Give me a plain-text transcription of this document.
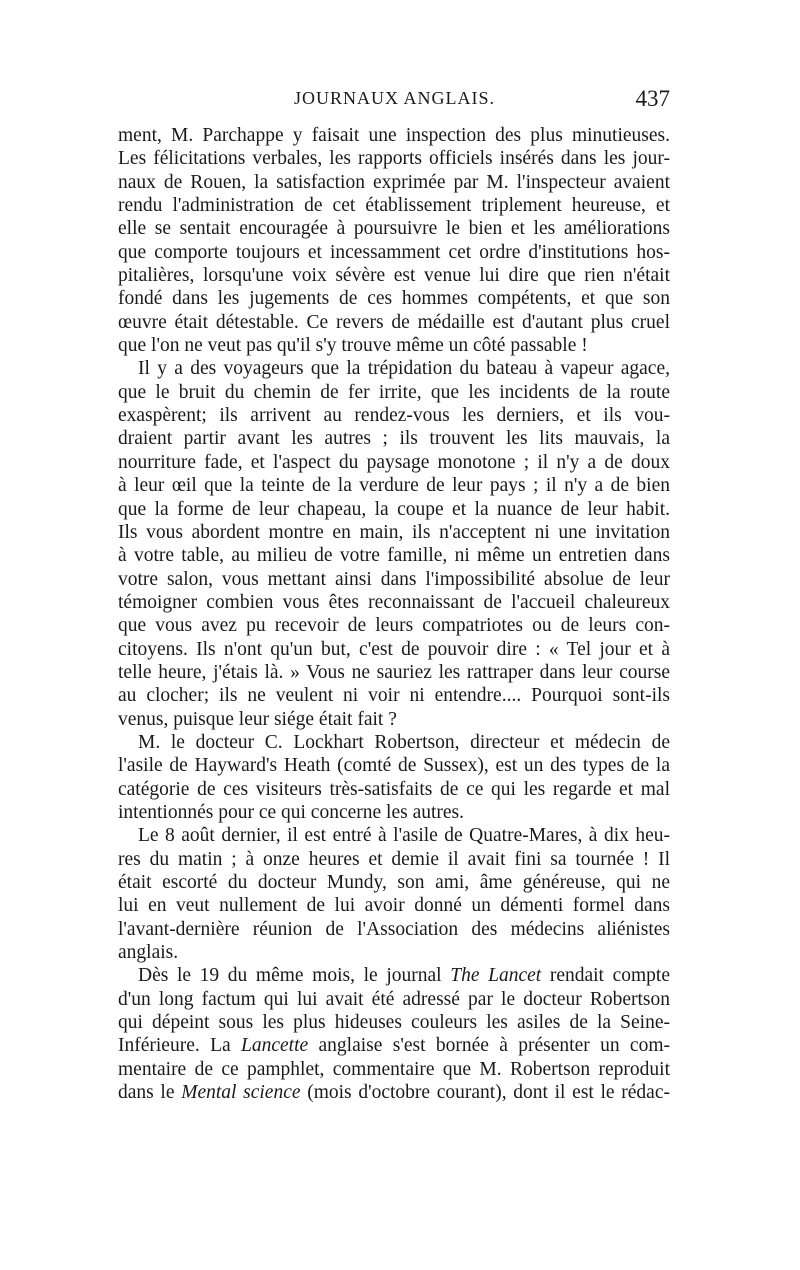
JOURNAUX ANGLAIS.	437
ment, M. Parchappe y faisait une inspection des plus minutieuses.
Les félicitations verbales, les rapports officiels insérés dans les jour-
naux de Rouen, la satisfaction exprimée par M. l'inspecteur avaient
rendu l'administration de cet établissement triplement heureuse, et
elle se sentait encouragée à poursuivre le bien et les améliorations
que comporte toujours et incessamment cet ordre d'institutions hos-
pitalières, lorsqu'une voix sévère est venue lui dire que rien n'était
fondé dans les jugements de ces hommes compétents, et que son
œuvre était détestable. Ce revers de médaille est d'autant plus cruel
que l'on ne veut pas qu'il s'y trouve même un côté passable !
Il y a des voyageurs que la trépidation du bateau à vapeur agace,
que le bruit du chemin de fer irrite, que les incidents de la route
exaspèrent; ils arrivent au rendez-vous les derniers, et ils vou-
draient partir avant les autres ; ils trouvent les lits mauvais, la
nourriture fade, et l'aspect du paysage monotone ; il n'y a de doux
à leur œil que la teinte de la verdure de leur pays ; il n'y a de bien
que la forme de leur chapeau, la coupe et la nuance de leur habit.
Ils vous abordent montre en main, ils n'acceptent ni une invitation
à votre table, au milieu de votre famille, ni même un entretien dans
votre salon, vous mettant ainsi dans l'impossibilité absolue de leur
témoigner combien vous êtes reconnaissant de l'accueil chaleureux
que vous avez pu recevoir de leurs compatriotes ou de leurs con-
citoyens. Ils n'ont qu'un but, c'est de pouvoir dire : « Tel jour et à
telle heure, j'étais là. » Vous ne sauriez les rattraper dans leur course
au clocher; ils ne veulent ni voir ni entendre.... Pourquoi sont-ils
venus, puisque leur siége était fait ?
M. le docteur C. Lockhart Robertson, directeur et médecin de
l'asile de Hayward's Heath (comté de Sussex), est un des types de la
catégorie de ces visiteurs très-satisfaits de ce qui les regarde et mal
intentionnés pour ce qui concerne les autres.
Le 8 août dernier, il est entré à l'asile de Quatre-Mares, à dix heu-
res du matin ; à onze heures et demie il avait fini sa tournée ! Il
était escorté du docteur Mundy, son ami, âme généreuse, qui ne
lui en veut nullement de lui avoir donné un démenti formel dans
l'avant-dernière réunion de l'Association des médecins aliénistes
anglais.
Dès le 19 du même mois, le journal The Lancet rendait compte
d'un long factum qui lui avait été adressé par le docteur Robertson
qui dépeint sous les plus hideuses couleurs les asiles de la Seine-
Inférieure. La Lancette anglaise s'est bornée à présenter un com-
mentaire de ce pamphlet, commentaire que M. Robertson reproduit
dans le Mental science (mois d'octobre courant), dont il est le rédac-
